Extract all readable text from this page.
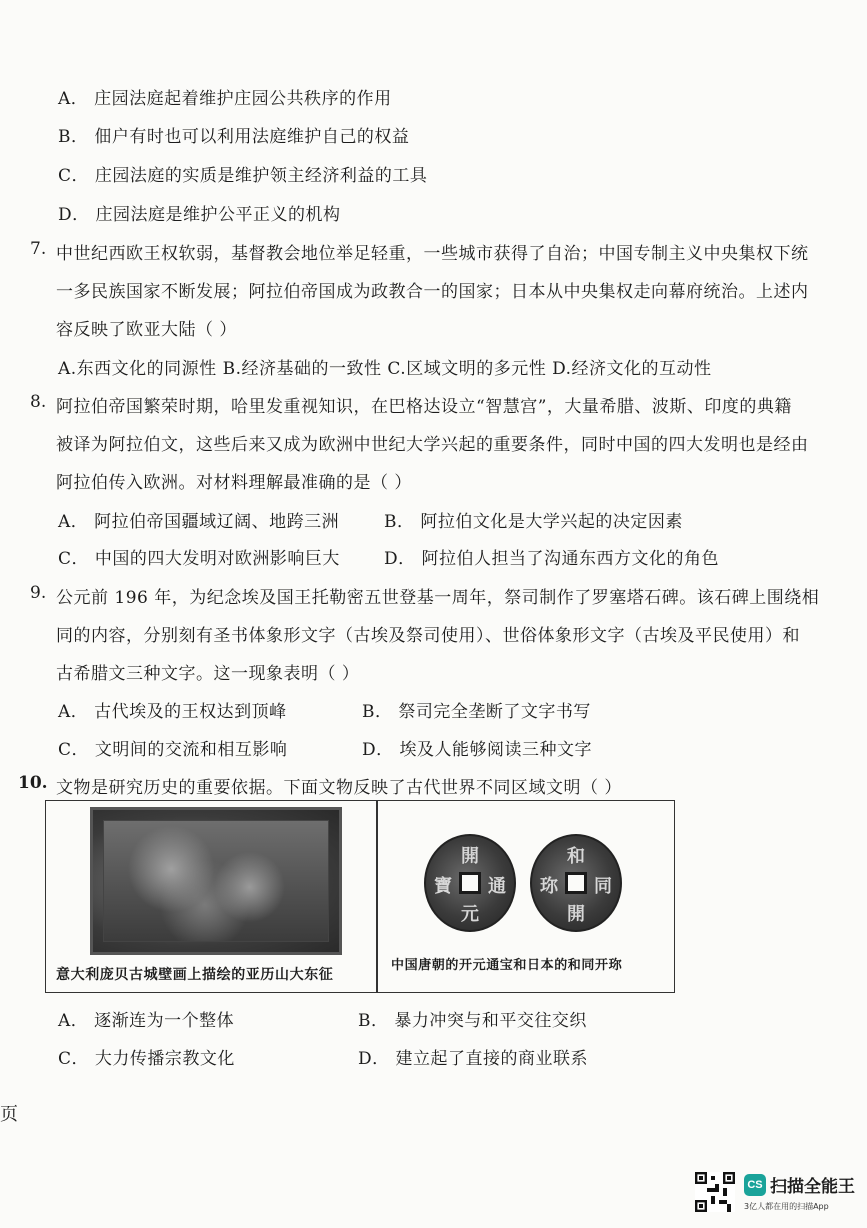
A． 庄园法庭起着维护庄园公共秩序的作用
B． 佃户有时也可以利用法庭维护自己的权益
C． 庄园法庭的实质是维护领主经济利益的工具
D． 庄园法庭是维护公平正义的机构
7. 中世纪西欧王权软弱，基督教会地位举足轻重，一些城市获得了自治；中国专制主义中央集权下统
一多民族国家不断发展；阿拉伯帝国成为政教合一的国家；日本从中央集权走向幕府统治。上述内
容反映了欧亚大陆（ ）
A.东西文化的同源性 B.经济基础的一致性 C.区域文明的多元性 D.经济文化的互动性
8. 阿拉伯帝国繁荣时期，哈里发重视知识，在巴格达设立“智慧宫”，大量希腊、波斯、印度的典籍
被译为阿拉伯文，这些后来又成为欧洲中世纪大学兴起的重要条件，同时中国的四大发明也是经由
阿拉伯传入欧洲。对材料理解最准确的是（ ）
A． 阿拉伯帝国疆域辽阔、地跨三洲	B． 阿拉伯文化是大学兴起的决定因素
C． 中国的四大发明对欧洲影响巨大	D． 阿拉伯人担当了沟通东西方文化的角色
9. 公元前 196 年，为纪念埃及国王托勒密五世登基一周年，祭司制作了罗塞塔石碑。该石碑上围绕相
同的内容，分别刻有圣书体象形文字（古埃及祭司使用）、世俗体象形文字（古埃及平民使用）和
古希腊文三种文字。这一现象表明（ ）
A． 古代埃及的王权达到顶峰	B． 祭司完全垄断了文字书写
C． 文明间的交流和相互影响	D． 埃及人能够阅读三种文字
10. 文物是研究历史的重要依据。下面文物反映了古代世界不同区域文明（ ）
意大利庞贝古城壁画上描绘的亚历山大东征
開
元
通
寶
和
開
同
珎
中国唐朝的开元通宝和日本的和同开珎
A． 逐渐连为一个整体	B． 暴力冲突与和平交往交织
C． 大力传播宗教文化	D． 建立起了直接的商业联系
页
CS 扫描全能王
3亿人都在用的扫描App
